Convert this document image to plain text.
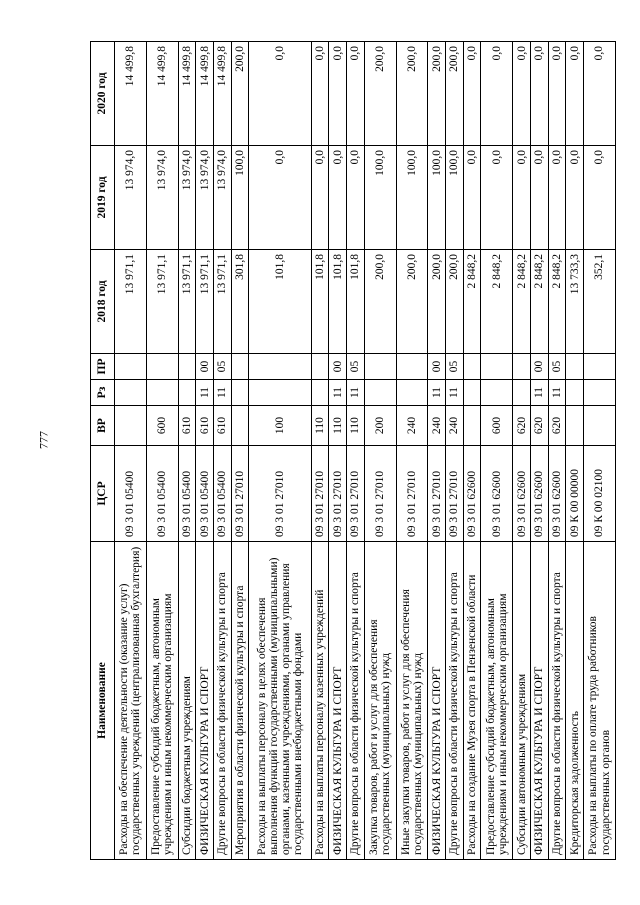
777
Наименование	ЦСР	ВР	Рз	ПР	2018 год	2019 год	2020 год
Расходы на обеспечение деятельности (оказание услуг) государственных учреждений (централизованная бухгалтерия)	09 3 01 05400				13 971,1	13 974,0	14 499,8
Предоставление субсидий бюджетным, автономным учреждениям и иным некоммерческим организациям	09 3 01 05400	600			13 971,1	13 974,0	14 499,8
Субсидии бюджетным учреждениям	09 3 01 05400	610			13 971,1	13 974,0	14 499,8
ФИЗИЧЕСКАЯ КУЛЬТУРА И СПОРТ	09 3 01 05400	610	11	00	13 971,1	13 974,0	14 499,8
Другие вопросы в области физической культуры и спорта	09 3 01 05400	610	11	05	13 971,1	13 974,0	14 499,8
Мероприятия в области физической культуры и спорта	09 3 01 27010				301,8	100,0	200,0
Расходы на выплаты персоналу в целях обеспечения выполнения функций государственными (муниципальными) органами, казенными учреждениями, органами управления государственными внебюджетными фондами	09 3 01 27010	100			101,8	0,0	0,0
Расходы на выплаты персоналу казенных учреждений	09 3 01 27010	110			101,8	0,0	0,0
ФИЗИЧЕСКАЯ КУЛЬТУРА И СПОРТ	09 3 01 27010	110	11	00	101,8	0,0	0,0
Другие вопросы в области физической культуры и спорта	09 3 01 27010	110	11	05	101,8	0,0	0,0
Закупка товаров, работ и услуг для обеспечения государственных (муниципальных) нужд	09 3 01 27010	200			200,0	100,0	200,0
Иные закупки товаров, работ и услуг для обеспечения государственных (муниципальных) нужд	09 3 01 27010	240			200,0	100,0	200,0
ФИЗИЧЕСКАЯ КУЛЬТУРА И СПОРТ	09 3 01 27010	240	11	00	200,0	100,0	200,0
Другие вопросы в области физической культуры и спорта	09 3 01 27010	240	11	05	200,0	100,0	200,0
Расходы на создание Музея спорта в Пензенской области	09 3 01 62600				2 848,2	0,0	0,0
Предоставление субсидий бюджетным, автономным учреждениям и иным некоммерческим организациям	09 3 01 62600	600			2 848,2	0,0	0,0
Субсидии автономным учреждениям	09 3 01 62600	620			2 848,2	0,0	0,0
ФИЗИЧЕСКАЯ КУЛЬТУРА И СПОРТ	09 3 01 62600	620	11	00	2 848,2	0,0	0,0
Другие вопросы в области физической культуры и спорта	09 3 01 62600	620	11	05	2 848,2	0,0	0,0
Кредиторская задолженность	09 К 00 00000				13 733,3	0,0	0,0
Расходы на выплаты по оплате труда работников государственных органов	09 К 00 02100				352,1	0,0	0,0
